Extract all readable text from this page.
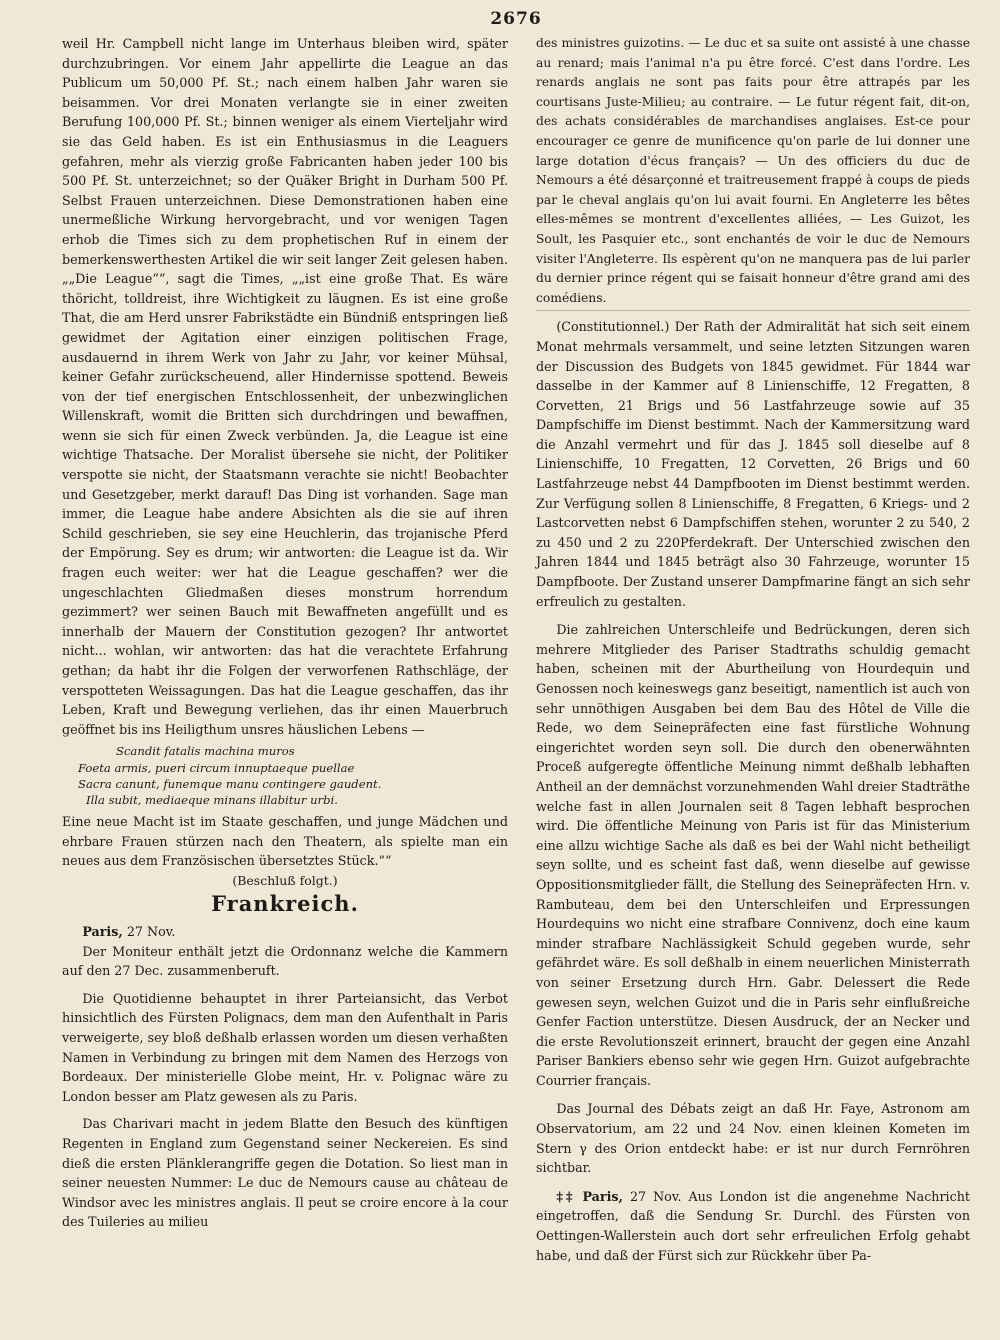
2676

weil Hr. Campbell nicht lange im Unterhaus bleiben wird, später durchzubringen. Vor einem Jahr appellirte die League an das Publicum um 50,000 Pf. St.; nach einem halben Jahr waren sie beisammen. Vor drei Monaten verlangte sie in einer zweiten Berufung 100,000 Pf. St.; binnen weniger als einem Vierteljahr wird sie das Geld haben. Es ist ein Enthusiasmus in die Leaguers gefahren, mehr als vierzig große Fabricanten haben jeder 100 bis 500 Pf. St. unterzeichnet; so der Quäker Bright in Durham 500 Pf. Selbst Frauen unterzeichnen. Diese Demonstrationen haben eine unermeßliche Wirkung hervorgebracht, und vor wenigen Tagen erhob die Times sich zu dem prophetischen Ruf in einem der bemerkenswerthesten Artikel die wir seit langer Zeit gelesen haben. „„Die League““, sagt die Times, „„ist eine große That. Es wäre thöricht, tolldreist, ihre Wichtigkeit zu läugnen. Es ist eine große That, die am Herd unsrer Fabrikstädte ein Bündniß entspringen ließ gewidmet der Agitation einer einzigen politischen Frage, ausdauernd in ihrem Werk von Jahr zu Jahr, vor keiner Mühsal, keiner Gefahr zurückscheuend, aller Hindernisse spottend. Beweis von der tief energischen Entschlossenheit, der unbezwinglichen Willenskraft, womit die Britten sich durchdringen und bewaffnen, wenn sie sich für einen Zweck verbünden. Ja, die League ist eine wichtige Thatsache. Der Moralist übersehe sie nicht, der Politiker verspotte sie nicht, der Staatsmann verachte sie nicht! Beobachter und Gesetzgeber, merkt darauf! Das Ding ist vorhanden. Sage man immer, die League habe andere Absichten als die sie auf ihren Schild geschrieben, sie sey eine Heuchlerin, das trojanische Pferd der Empörung. Sey es drum; wir antworten: die League ist da. Wir fragen euch weiter: wer hat die League geschaffen? wer die ungeschlachten Gliedmaßen dieses monstrum horrendum gezimmert? wer seinen Bauch mit Bewaffneten angefüllt und es innerhalb der Mauern der Constitution gezogen? Ihr antwortet nicht... wohlan, wir antworten: das hat die verachtete Erfahrung gethan; da habt ihr die Folgen der verworfenen Rathschläge, der verspotteten Weissagungen. Das hat die League geschaffen, das ihr Leben, Kraft und Bewegung verliehen, das ihr einen Mauerbruch geöffnet bis ins Heiligthum unsres häuslichen Lebens —

Scandit fatalis machina muros
Foeta armis, pueri circum innuptaeque puellae
Sacra canunt, funemque manu contingere gaudent.
Illa subit, mediaeque minans illabitur urbi.

Eine neue Macht ist im Staate geschaffen, und junge Mädchen und ehrbare Frauen stürzen nach den Theatern, als spielte man ein neues aus dem Französischen übersetztes Stück.““

(Beschluß folgt.)
Frankreich.

Paris, 27 Nov.

Der Moniteur enthält jetzt die Ordonnanz welche die Kammern auf den 27 Dec. zusammenberuft.

Die Quotidienne behauptet in ihrer Parteiansicht, das Verbot hinsichtlich des Fürsten Polignacs, dem man den Aufenthalt in Paris verweigerte, sey bloß deßhalb erlassen worden um diesen verhaßten Namen in Verbindung zu bringen mit dem Namen des Herzogs von Bordeaux. Der ministerielle Globe meint, Hr. v. Polignac wäre zu London besser am Platz gewesen als zu Paris.

Das Charivari macht in jedem Blatte den Besuch des künftigen Regenten in England zum Gegenstand seiner Neckereien. Es sind dieß die ersten Plänklerangriffe gegen die Dotation. So liest man in seiner neuesten Nummer: Le duc de Nemours cause au château de Windsor avec les ministres anglais. Il peut se croire encore à la cour des Tuileries au milieu

des ministres guizotins. — Le duc et sa suite ont assisté à une chasse au renard; mais l'animal n'a pu être forcé. C'est dans l'ordre. Les renards anglais ne sont pas faits pour être attrapés par les courtisans Juste-Milieu; au contraire. — Le futur régent fait, dit-on, des achats considérables de marchandises anglaises. Est-ce pour encourager ce genre de munificence qu'on parle de lui donner une large dotation d'écus français? — Un des officiers du duc de Nemours a été désarçonné et traitreusement frappé à coups de pieds par le cheval anglais qu'on lui avait fourni. En Angleterre les bêtes elles-mêmes se montrent d'excellentes alliées, — Les Guizot, les Soult, les Pasquier etc., sont enchantés de voir le duc de Nemours visiter l'Angleterre. Ils espèrent qu'on ne manquera pas de lui parler du dernier prince régent qui se faisait honneur d'être grand ami des comédiens.

(Constitutionnel.) Der Rath der Admiralität hat sich seit einem Monat mehrmals versammelt, und seine letzten Sitzungen waren der Discussion des Budgets von 1845 gewidmet. Für 1844 war dasselbe in der Kammer auf 8 Linienschiffe, 12 Fregatten, 8 Corvetten, 21 Brigs und 56 Lastfahrzeuge sowie auf 35 Dampfschiffe im Dienst bestimmt. Nach der Kammersitzung ward die Anzahl vermehrt und für das J. 1845 soll dieselbe auf 8 Linienschiffe, 10 Fregatten, 12 Corvetten, 26 Brigs und 60 Lastfahrzeuge nebst 44 Dampfbooten im Dienst bestimmt werden. Zur Verfügung sollen 8 Linienschiffe, 8 Fregatten, 6 Kriegs- und 2 Lastcorvetten nebst 6 Dampfschiffen stehen, worunter 2 zu 540, 2 zu 450 und 2 zu 220Pferdekraft. Der Unterschied zwischen den Jahren 1844 und 1845 beträgt also 30 Fahrzeuge, worunter 15 Dampfboote. Der Zustand unserer Dampfmarine fängt an sich sehr erfreulich zu gestalten.

Die zahlreichen Unterschleife und Bedrückungen, deren sich mehrere Mitglieder des Pariser Stadtraths schuldig gemacht haben, scheinen mit der Aburtheilung von Hourdequin und Genossen noch keineswegs ganz beseitigt, namentlich ist auch von sehr unnöthigen Ausgaben bei dem Bau des Hôtel de Ville die Rede, wo dem Seinepräfecten eine fast fürstliche Wohnung eingerichtet worden seyn soll. Die durch den obenerwähnten Proceß aufgeregte öffentliche Meinung nimmt deßhalb lebhaften Antheil an der demnächst vorzunehmenden Wahl dreier Stadträthe welche fast in allen Journalen seit 8 Tagen lebhaft besprochen wird. Die öffentliche Meinung von Paris ist für das Ministerium eine allzu wichtige Sache als daß es bei der Wahl nicht betheiligt seyn sollte, und es scheint fast daß, wenn dieselbe auf gewisse Oppositionsmitglieder fällt, die Stellung des Seinepräfecten Hrn. v. Rambuteau, dem bei den Unterschleifen und Erpressungen Hourdequins wo nicht eine strafbare Connivenz, doch eine kaum minder strafbare Nachlässigkeit Schuld gegeben wurde, sehr gefährdet wäre. Es soll deßhalb in einem neuerlichen Ministerrath von seiner Ersetzung durch Hrn. Gabr. Delessert die Rede gewesen seyn, welchen Guizot und die in Paris sehr einflußreiche Genfer Faction unterstütze. Diesen Ausdruck, der an Necker und die erste Revolutionszeit erinnert, braucht der gegen eine Anzahl Pariser Bankiers ebenso sehr wie gegen Hrn. Guizot aufgebrachte Courrier français.

Das Journal des Débats zeigt an daß Hr. Faye, Astronom am Observatorium, am 22 und 24 Nov. einen kleinen Kometen im Stern γ des Orion entdeckt habe: er ist nur durch Fernröhren sichtbar.

‡‡ Paris, 27 Nov. Aus London ist die angenehme Nachricht eingetroffen, daß die Sendung Sr. Durchl. des Fürsten von Oettingen-Wallerstein auch dort sehr erfreulichen Erfolg gehabt habe, und daß der Fürst sich zur Rückkehr über Pa-
